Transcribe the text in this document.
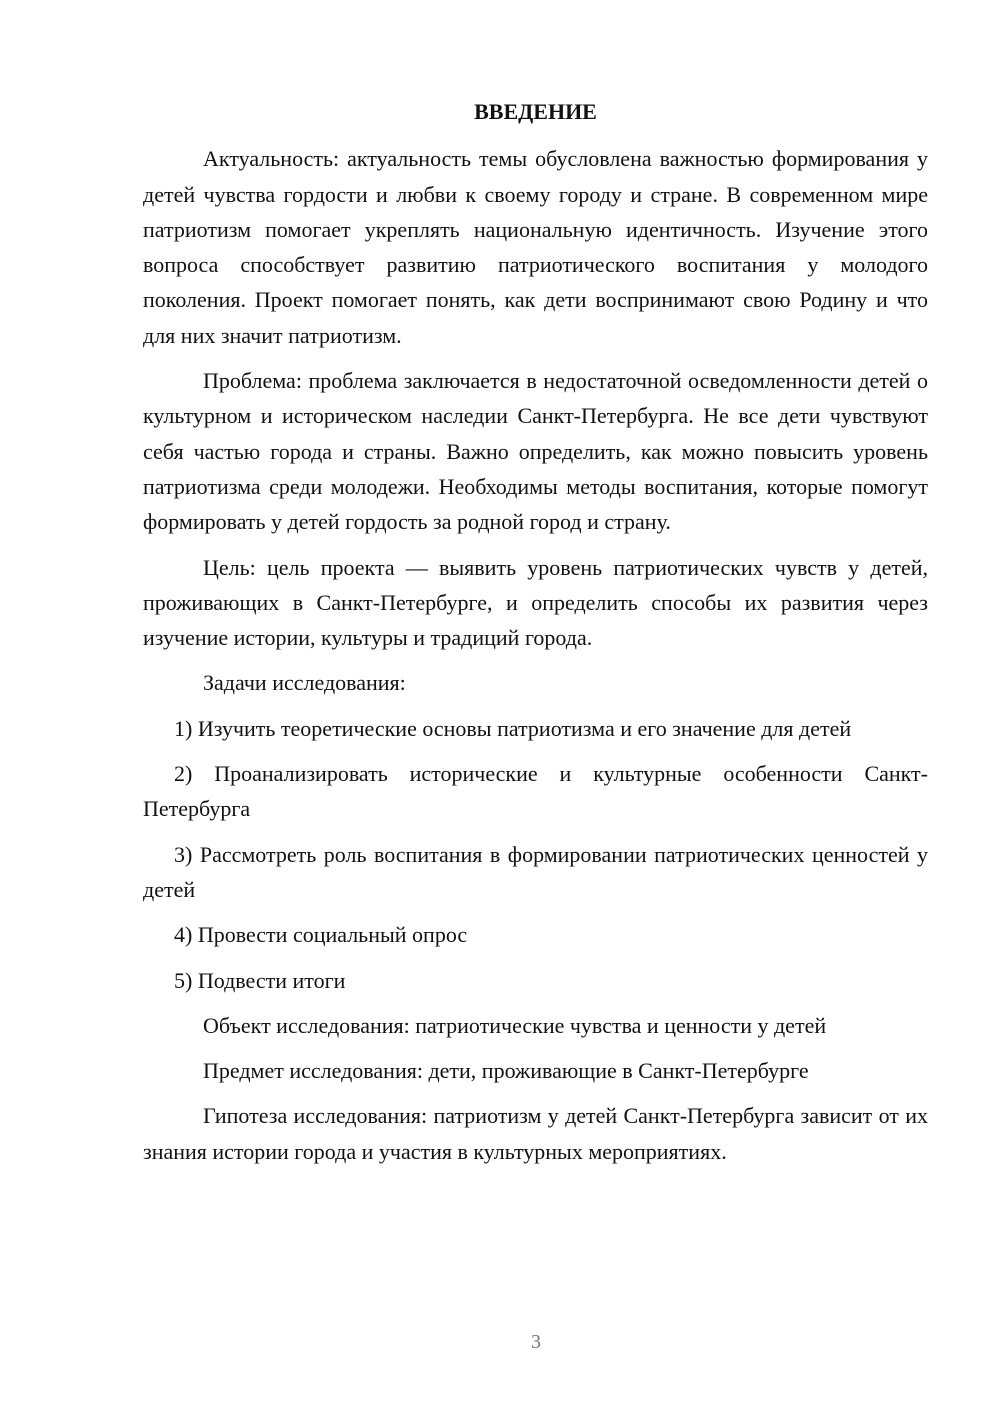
ВВЕДЕНИЕ

Актуальность: актуальность темы обусловлена важностью формирования у детей чувства гордости и любви к своему городу и стране. В современном мире патриотизм помогает укреплять национальную идентичность. Изучение этого вопроса способствует развитию патриотического воспитания у молодого поколения. Проект помогает понять, как дети воспринимают свою Родину и что для них значит патриотизм.

Проблема: проблема заключается в недостаточной осведомленности детей о культурном и историческом наследии Санкт-Петербурга. Не все дети чувствуют себя частью города и страны. Важно определить, как можно повысить уровень патриотизма среди молодежи. Необходимы методы воспитания, которые помогут формировать у детей гордость за родной город и страну.

Цель: цель проекта — выявить уровень патриотических чувств у детей, проживающих в Санкт-Петербурге, и определить способы их развития через изучение истории, культуры и традиций города.

Задачи исследования:

1) Изучить теоретические основы патриотизма и его значение для детей

2) Проанализировать исторические и культурные особенности Санкт-Петербурга

3) Рассмотреть роль воспитания в формировании патриотических ценностей у детей

4) Провести социальный опрос

5) Подвести итоги

Объект исследования: патриотические чувства и ценности у детей

Предмет исследования: дети, проживающие в Санкт-Петербурге

Гипотеза исследования: патриотизм у детей Санкт-Петербурга зависит от их знания истории города и участия в культурных мероприятиях.

3
